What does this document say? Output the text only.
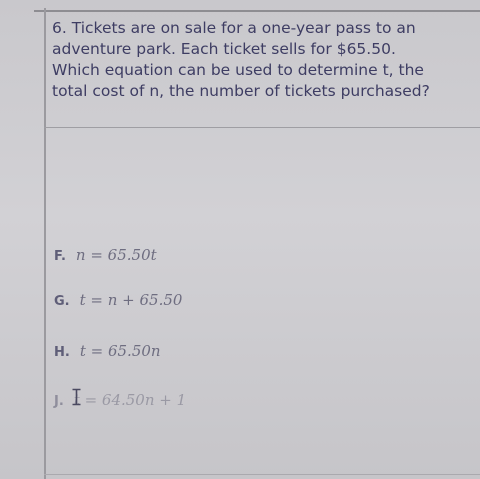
6. Tickets are on sale for a one-year pass to an
adventure park. Each ticket sells for $65.50.
Which equation can be used to determine t, the
total cost of n, the number of tickets purchased?
F. n = 65.50t
G. t = n + 65.50
H. t = 65.50n
J. t = 64.50n + 1
